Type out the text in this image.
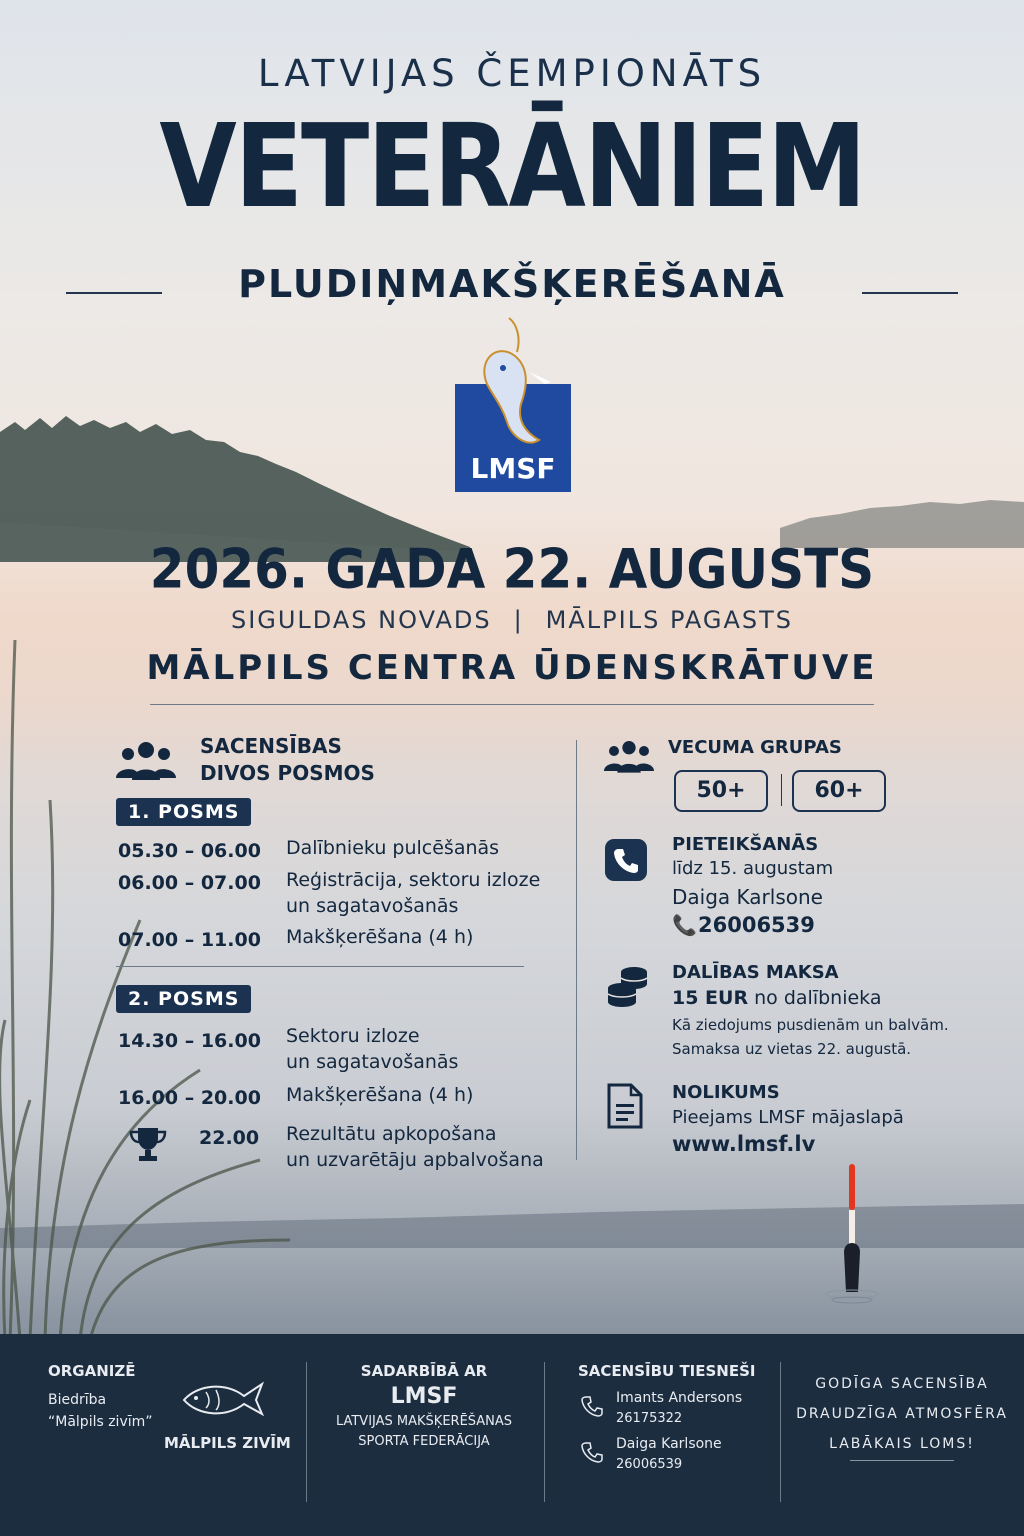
LATVIJAS ČEMPIONĀTS
VETERĀNIEM
PLUDIŅMAKŠĶERĒŠANĀ
LMSF
2026. GADA 22. AUGUSTS
SIGULDAS NOVADS | MĀLPILS PAGASTS
MĀLPILS CENTRA ŪDENSKRĀTUVE
SACENSĪBAS
DIVOS POSMOS
1. POSMS
05.30 – 06.00 Dalībnieku pulcēšanās
06.00 – 07.00 Reģistrācija, sektoru izloze
un sagatavošanās
07.00 – 11.00 Makšķerēšana (4 h)
2. POSMS
14.30 – 16.00 Sektoru izloze
un sagatavošanās
16.00 – 20.00 Makšķerēšana (4 h)
22.00 Rezultātu apkopošana
un uzvarētāju apbalvošana
VECUMA GRUPAS
50+	60+
PIETEIKŠANĀS
līdz 15. augustam
Daiga Karlsone
📞 26006539
DALĪBAS MAKSA
15 EUR no dalībnieka
Kā ziedojums pusdienām un balvām.
Samaksa uz vietas 22. augustā.
NOLIKUMS
Pieejams LMSF mājaslapā
www.lmsf.lv
ORGANIZĒ
Biedrība
“Mālpils zivīm”
MĀLPILS ZIVĪM
SADARBĪBĀ AR
LMSF
LATVIJAS MAKŠĶERĒŠANAS
SPORTA FEDERĀCIJA
SACENSĪBU TIESNEŠI
Imants Andersons
26175322
Daiga Karlsone
26006539
GODĪGA SACENSĪBA
DRAUDZĪGA ATMOSFĒRA
LABĀKAIS LOMS!
